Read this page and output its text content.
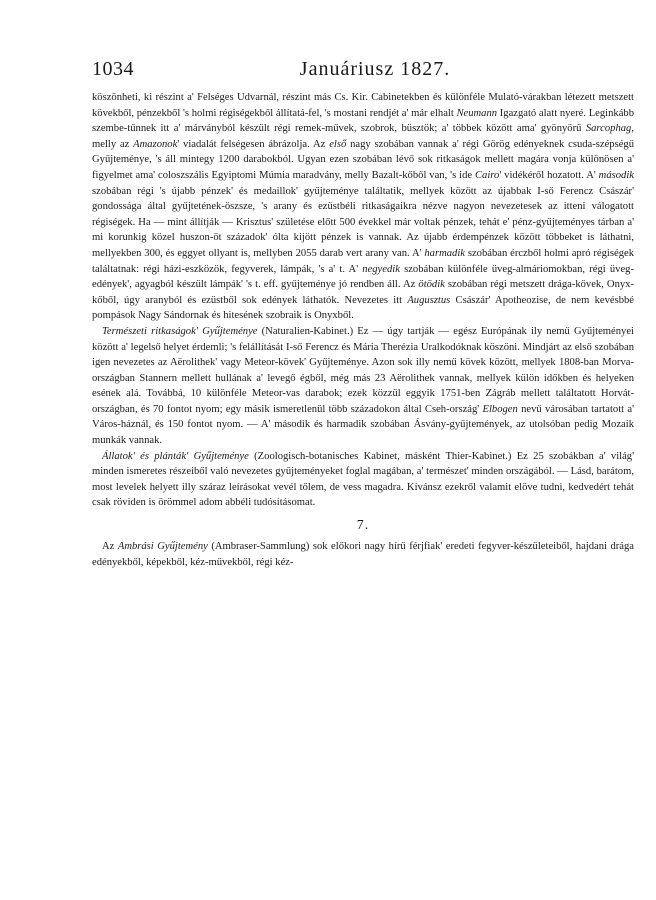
1034	Januáriusz 1827.

köszönheti, ki részint a' Felséges Udvarnál, részint más Cs. Kir. Cabinetekben és különféle Mulató-várakban létezett metszett kövekből, pénzekből 's holmi régiségekből állítatá-fel, 's mostani rendjét a' már elhalt Neumann Igazgató alatt nyeré. Leginkább szembe-tűnnek itt a' márványból készült régi remek-művek, szobrok, büsztök; a' többek között ama' gyönyörű Sarcophag, melly az Amazonok' viadalát felségesen ábrázolja. Az első nagy szobában vannak a' régi Görög edényeknek csuda-szépségű Gyűjteménye, 's áll mintegy 1200 darabokból. Ugyan ezen szobában lévő sok ritkaságok mellett magára vonja különösen a' figyelmet ama' coloszszális Egyiptomi Múmia maradvány, melly Bazalt-kőből van, 's ide Cairo' vidékéről hozatott. A' második szobában régi 's újabb pénzek' és medaillok' gyűjteménye találtatik, mellyek között az újabbak I-ső Ferencz Császár' gondossága által gyűjtetének-öszsze, 's arany és ezüstbéli ritkaságaikra nézve nagyon nevezetesek az itteni válogatott régiségek. Ha — mint állítják — Krisztus' születése előtt 500 évekkel már voltak pénzek, tehát e' pénz-gyűjteményes tárban a' mi korunkig közel huszon-öt századok' ólta kijött pénzek is vannak. Az újabb érdempénzek között többeket is láthatni, mellyekben 300, és eggyet ollyant is, mellyben 2055 darab vert arany van. A' harmadik szobában érczből holmi apró régiségek találtatnak: régi házi-eszközök, fegyverek, lámpák, 's a' t. A' negyedik szobában különféle üveg-almáriomokban, régi üveg-edények', agyagból készült lámpák' 's t. eff. gyűjteménye jó rendben áll. Az ötödik szobában régi metszett drága-kövek, Onyx-kőből, úgy aranyból és ezüstből sok edények láthatók. Nevezetes itt Augusztus Császár' Apotheozise, de nem kevésbbé pompások Nagy Sándornak és hitesének szobraik is Onyxből.

Természeti ritkaságok' Gyűjteménye (Naturalien-Kabinet.) Ez — úgy tartják — egész Európának ily nemű Gyűjteményei között a' legelső helyet érdemli; 's felállítását I-ső Ferencz és Mária Therézia Uralkodóknak köszöni. Mindjárt az első szobában igen nevezetes az Aërolithek' vagy Meteor-kövek' Gyűjteménye. Azon sok illy nemű kövek között, mellyek 1808-ban Morva-országban Stannern mellett hullának a' levegő égből, még más 23 Aërolithek vannak, mellyek külön időkben és helyeken esének alá. Továbbá, 10 különféle Meteor-vas darabok; ezek közzül eggyik 1751-ben Zágráb mellett találtatott Horvát-országban, és 70 fontot nyom; egy másik ismeretlenül több századokon által Cseh-ország' Elbogen nevű városában tartatott a' Város-háznál, és 150 fontot nyom. — A' második és harmadik szobában Ásvány-gyűjtemények, az utolsóban pedig Mozaik munkák vannak.

Állatok' és plánták' Gyűjteménye (Zoologisch-botanisches Kabinet, másként Thier-Kabinet.) Ez 25 szobákban a' világ' minden ismeretes részeiből való nevezetes gyűjteményeket foglal magában, a' természet' minden országából. — Lásd, barátom, most levelek helyett illy száraz leírásokat vevél tőlem, de vess magadra. Kívánsz ezekről valamit elöve tudni, kedvedért tehát csak röviden is örömmel adom abbéli tudósításomat.

7.

Az Ambrási Gyűjtemény (Ambraser-Sammlung) sok előkori nagy hírű férjfiak' eredeti fegyver-készületeiből, hajdani drága edényekből, képekből, kéz-művekből, régi kéz-
